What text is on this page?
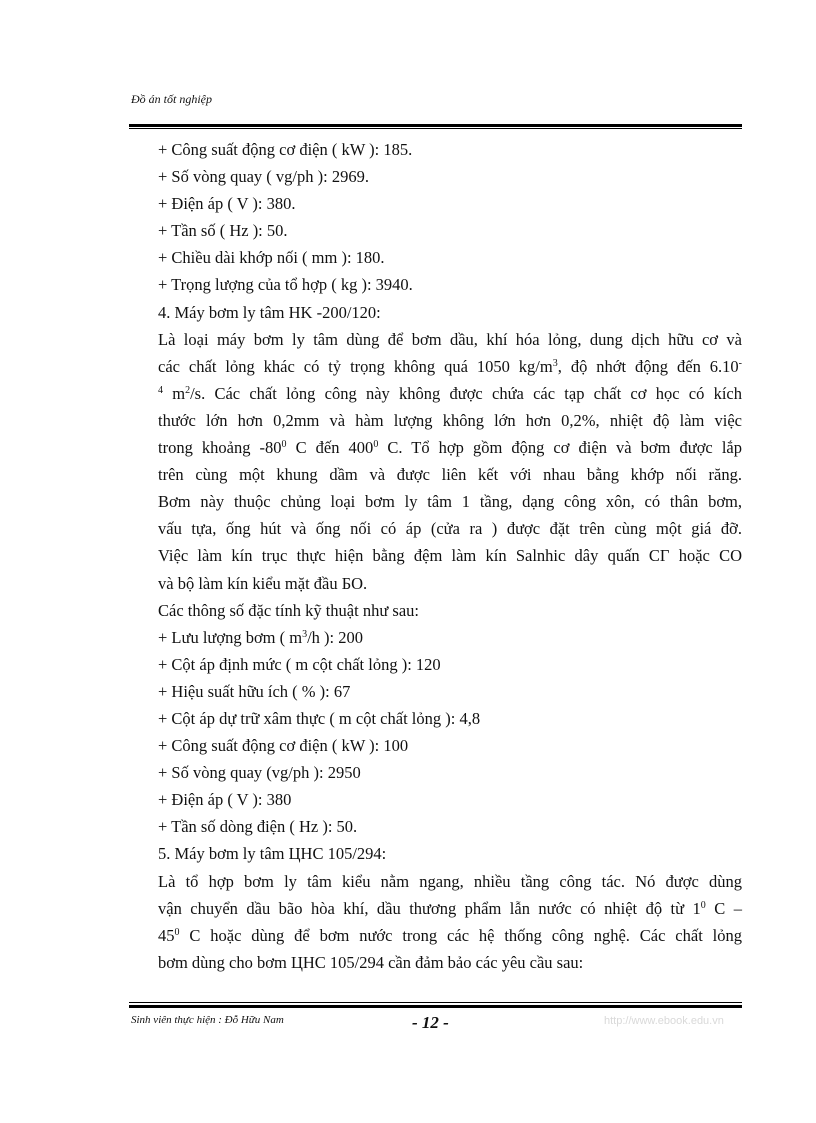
Đồ án tốt nghiệp

+ Công suất động cơ điện ( kW ): 185.

+ Số vòng quay ( vg/ph ): 2969.

+ Điện áp ( V ): 380.

+ Tần số ( Hz ): 50.

+ Chiều dài khớp nối ( mm ): 180.

+ Trọng lượng của tổ hợp ( kg ): 3940.

4. Máy bơm ly tâm HK -200/120:

Là loại máy bơm ly tâm dùng để bơm dầu, khí hóa lỏng, dung dịch hữu cơ và

các chất lỏng khác có tỷ trọng không quá 1050 $kg/m^3$, độ nhớt động đến 6.10-

$^4$ $m^2/s$. Các chất lỏng công này không được chứa các tạp chất cơ học có kích

thước lớn hơn 0,2mm và hàm lượng không lớn hơn 0,2%, nhiệt độ làm việc

trong khoảng $-80^0$ C đến $400^0$ C. Tổ hợp gồm động cơ điện và bơm được lắp

trên cùng một khung dầm và được liên kết với nhau bằng khớp nối răng.

Bơm này thuộc chủng loại bơm ly tâm 1 tầng, dạng công xôn, có thân bơm,

vấu tựa, ống hút và ống nối có áp (cửa ra ) được đặt trên cùng một giá đỡ.

Việc làm kín trục thực hiện bằng đệm làm kín Salnhic dây quấn CГ hoặc CO

và bộ làm kín kiểu mặt đầu БО.

Các thông số đặc tính kỹ thuật như sau:

+ Lưu lượng bơm ( $m^3/h$ ): 200

+ Cột áp định mức ( m cột chất lỏng ): 120

+ Hiệu suất hữu ích ( % ): 67

+ Cột áp dự trữ xâm thực ( m cột chất lỏng ): 4,8

+ Công suất động cơ điện ( kW ): 100

+ Số vòng quay (vg/ph ): 2950

+ Điện áp ( V ): 380

+ Tần số dòng điện ( Hz ): 50.

5. Máy bơm ly tâm ЦНС 105/294:

Là tổ hợp bơm ly tâm kiểu nằm ngang, nhiều tầng công tác. Nó được dùng

vận chuyển dầu bão hòa khí, dầu thương phẩm lẫn nước có nhiệt độ từ $1^0$ C –

$45^0$ C hoặc dùng để bơm nước trong các hệ thống công nghệ. Các chất lỏng

bơm dùng cho bơm ЦНС 105/294 cần đảm bảo các yêu cầu sau:

Sinh viên thực hiện : Đỗ Hữu Nam	- 12 -	http://www.ebook.edu.vn
